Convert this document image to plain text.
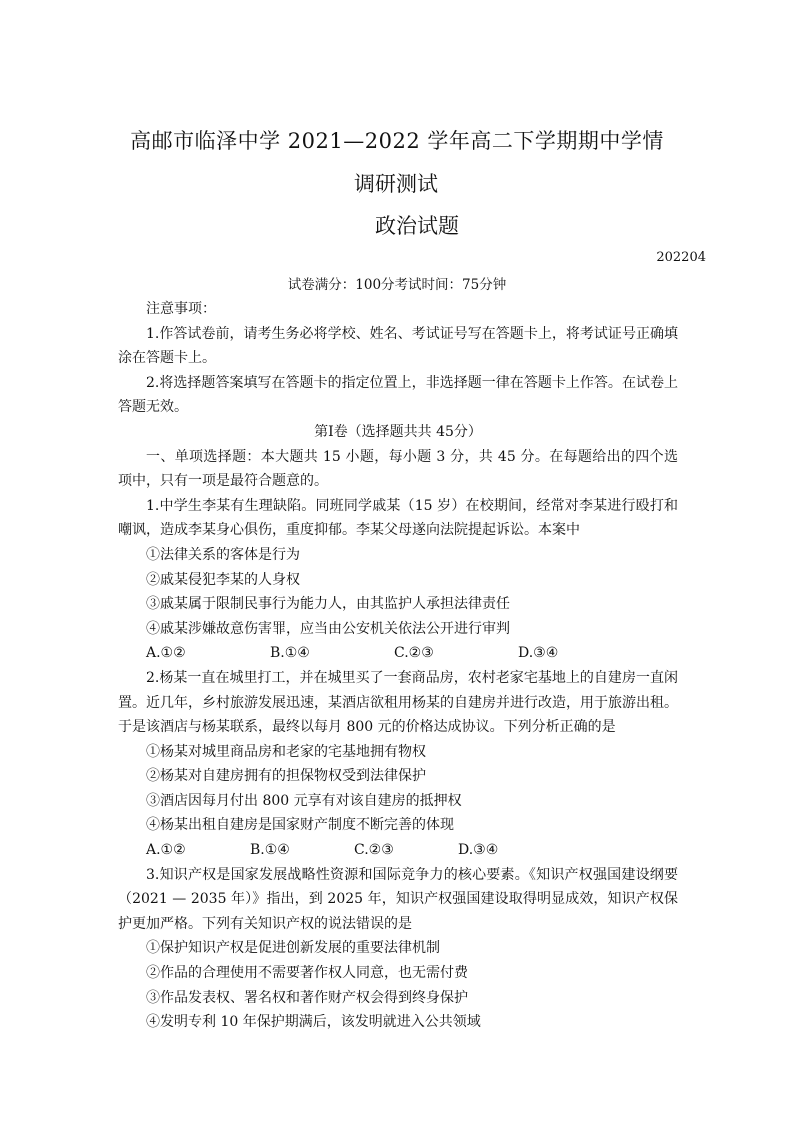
高邮市临泽中学 2021—2022 学年高二下学期期中学情
调研测试
政治试题
202204
试卷满分：100分考试时间：75分钟

注意事项：

1.作答试卷前，请考生务必将学校、姓名、考试证号写在答题卡上，将考试证号正确填涂在答题卡上。

2.将选择题答案填写在答题卡的指定位置上，非选择题一律在答题卡上作答。在试卷上答题无效。

第Ⅰ卷（选择题共共 45分）

一、单项选择题：本大题共 15 小题，每小题 3 分，共 45 分。在每题给出的四个选项中，只有一项是最符合题意的。

1.中学生李某有生理缺陷。同班同学戚某（15 岁）在校期间，经常对李某进行殴打和嘲讽，造成李某身心俱伤，重度抑郁。李某父母遂向法院提起诉讼。本案中

①法律关系的客体是行为

②戚某侵犯李某的人身权

③戚某属于限制民事行为能力人，由其监护人承担法律责任

④戚某涉嫌故意伤害罪，应当由公安机关依法公开进行审判

A.①②	B.①④	C.②③	D.③④

2.杨某一直在城里打工，并在城里买了一套商品房，农村老家宅基地上的自建房一直闲置。近几年，乡村旅游发展迅速，某酒店欲租用杨某的自建房并进行改造，用于旅游出租。于是该酒店与杨某联系，最终以每月 800 元的价格达成协议。下列分析正确的是

①杨某对城里商品房和老家的宅基地拥有物权

②杨某对自建房拥有的担保物权受到法律保护

③酒店因每月付出 800 元享有对该自建房的抵押权

④杨某出租自建房是国家财产制度不断完善的体现

A.①②	B.①④	C.②③	D.③④

3.知识产权是国家发展战略性资源和国际竞争力的核心要素。《知识产权强国建设纲要（2021 — 2035 年）》指出，到 2025 年，知识产权强国建设取得明显成效，知识产权保护更加严格。下列有关知识产权的说法错误的是

①保护知识产权是促进创新发展的重要法律机制

②作品的合理使用不需要著作权人同意，也无需付费

③作品发表权、署名权和著作财产权会得到终身保护

④发明专利 10 年保护期满后，该发明就进入公共领域
